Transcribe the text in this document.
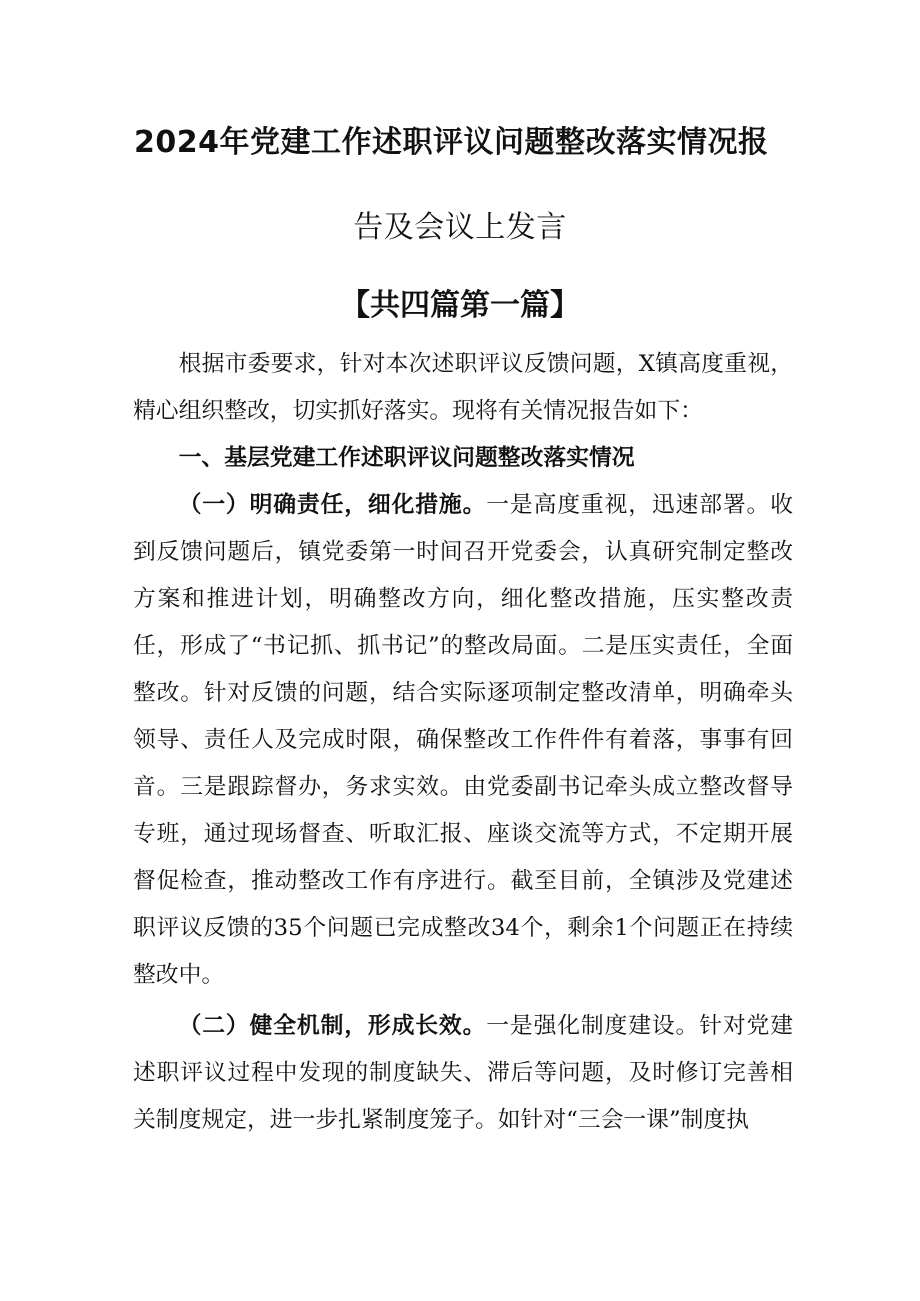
2024年党建工作述职评议问题整改落实情况报
告及会议上发言
【共四篇第一篇】

根据市委要求，针对本次述职评议反馈问题，X镇高度重视，精心组织整改，切实抓好落实。现将有关情况报告如下：

一、基层党建工作述职评议问题整改落实情况

（一）明确责任，细化措施。一是高度重视，迅速部署。收到反馈问题后，镇党委第一时间召开党委会，认真研究制定整改方案和推进计划，明确整改方向，细化整改措施，压实整改责任，形成了“书记抓、抓书记”的整改局面。二是压实责任，全面整改。针对反馈的问题，结合实际逐项制定整改清单，明确牵头领导、责任人及完成时限，确保整改工作件件有着落，事事有回音。三是跟踪督办，务求实效。由党委副书记牵头成立整改督导专班，通过现场督查、听取汇报、座谈交流等方式，不定期开展督促检查，推动整改工作有序进行。截至目前，全镇涉及党建述职评议反馈的35个问题已完成整改34个，剩余1个问题正在持续整改中。

（二）健全机制，形成长效。一是强化制度建设。针对党建述职评议过程中发现的制度缺失、滞后等问题，及时修订完善相关制度规定，进一步扎紧制度笼子。如针对“三会一课”制度执
